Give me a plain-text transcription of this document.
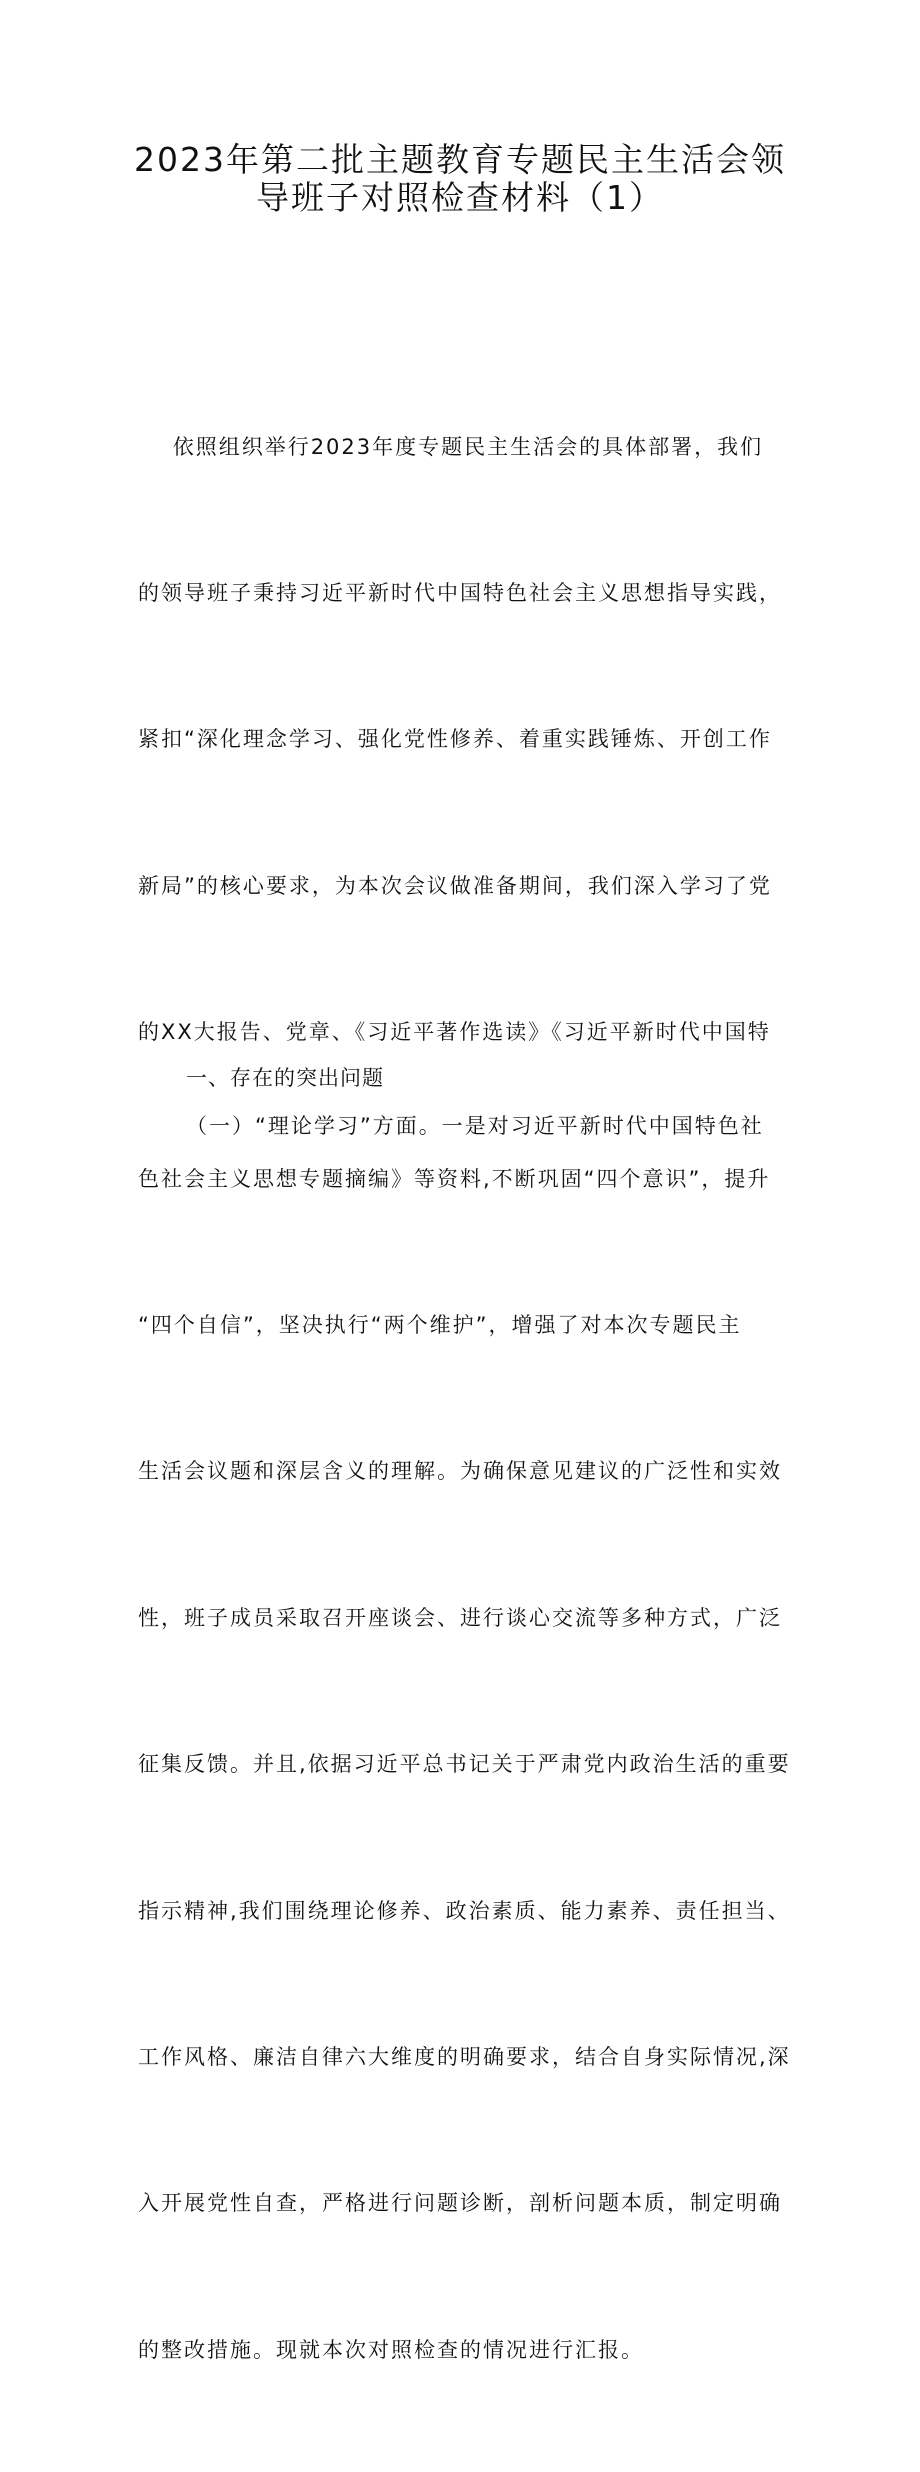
2023年第二批主题教育专题民主生活会领
导班子对照检查材料（1）

依照组织举行2023年度专题民主生活会的具体部署，我们

的领导班子秉持习近平新时代中国特色社会主义思想指导实践，

紧扣“深化理念学习、强化党性修养、着重实践锤炼、开创工作

新局”的核心要求，为本次会议做准备期间，我们深入学习了党

的XX大报告、党章、《习近平著作选读》《习近平新时代中国特

色社会主义思想专题摘编》等资料,不断巩固“四个意识”，提升

“四个自信”，坚决执行“两个维护”，增强了对本次专题民主

生活会议题和深层含义的理解。为确保意见建议的广泛性和实效

性，班子成员采取召开座谈会、进行谈心交流等多种方式，广泛

征集反馈。并且,依据习近平总书记关于严肃党内政治生活的重要

指示精神,我们围绕理论修养、政治素质、能力素养、责任担当、

工作风格、廉洁自律六大维度的明确要求，结合自身实际情况,深

入开展党性自查，严格进行问题诊断，剖析问题本质，制定明确

的整改措施。现就本次对照检查的情况进行汇报。

一、存在的突出问题

（一）“理论学习”方面。一是对习近平新时代中国特色社
